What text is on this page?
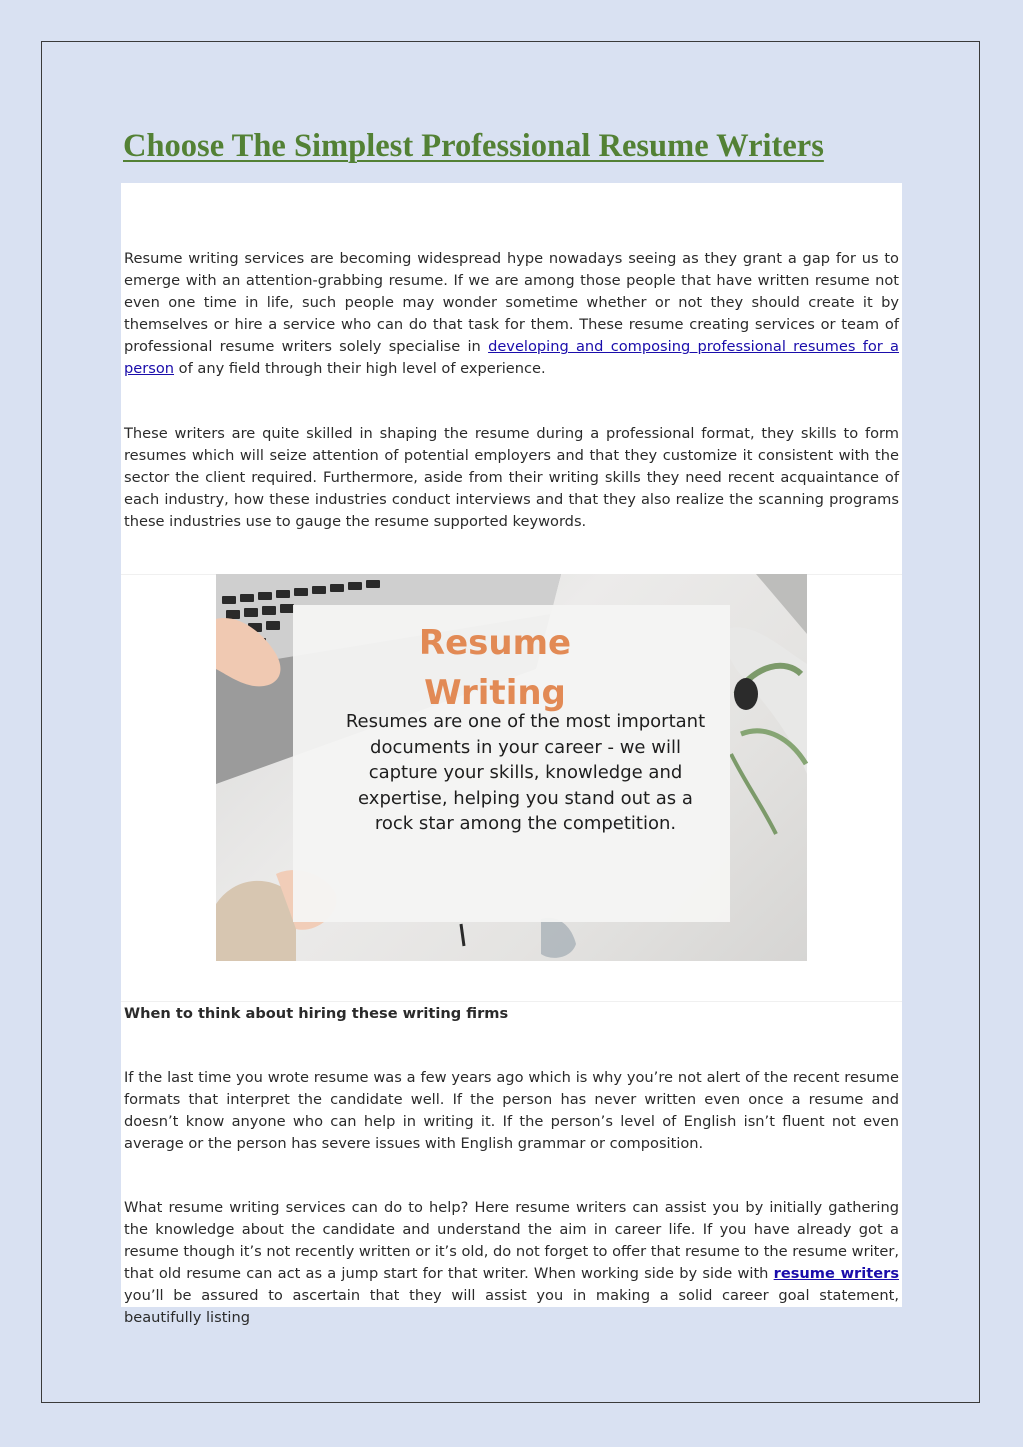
Choose The Simplest Professional Resume Writers

Resume writing services are becoming widespread hype nowadays seeing as they grant a gap for us to emerge with an attention-grabbing resume. If we are among those people that have written resume not even one time in life, such people may wonder sometime whether or not they should create it by themselves or hire a service who can do that task for them. These resume creating services or team of professional resume writers solely specialise in developing and composing professional resumes for a person of any field through their high level of experience.

These writers are quite skilled in shaping the resume during a professional format, they skills to form resumes which will seize attention of potential employers and that they customize it consistent with the sector the client required. Furthermore, aside from their writing skills they need recent acquaintance of each industry, how these industries conduct interviews and that they also realize the scanning programs these industries use to gauge the resume supported keywords.

Resume
Writing

Resumes are one of the most important documents in your career - we will capture your skills, knowledge and expertise, helping you stand out as a rock star among the competition.

When to think about hiring these writing firms

If the last time you wrote resume was a few years ago which is why you’re not alert of the recent resume formats that interpret the candidate well. If the person has never written even once a resume and doesn’t know anyone who can help in writing it. If the person’s level of English isn’t fluent not even average or the person has severe issues with English grammar or composition.

What resume writing services can do to help? Here resume writers can assist you by initially gathering the knowledge about the candidate and understand the aim in career life. If you have already got a resume though it’s not recently written or it’s old, do not forget to offer that resume to the resume writer, that old resume can act as a jump start for that writer. When working side by side with resume writers you’ll be assured to ascertain that they will assist you in making a solid career goal statement, beautifully listing
